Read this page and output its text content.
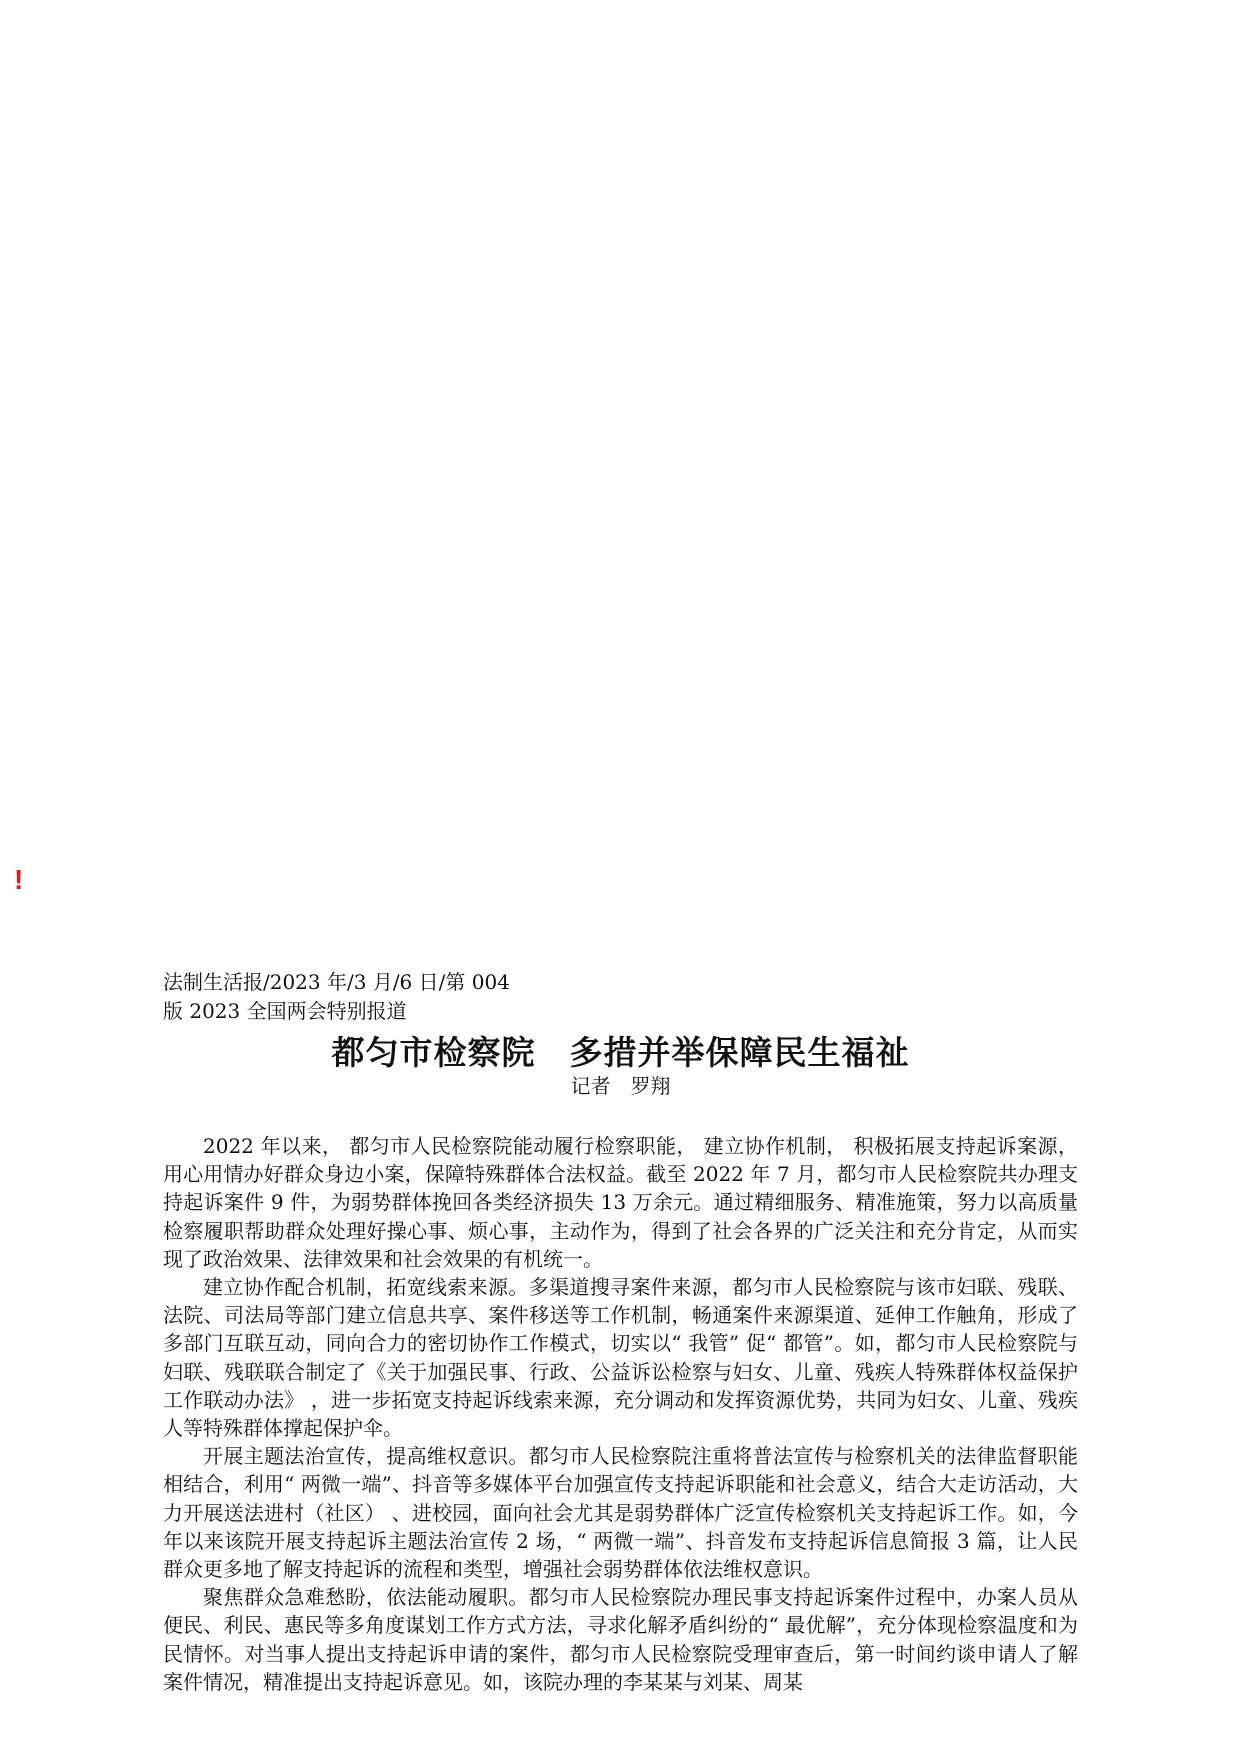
!

法制生活报/2023 年/3 月/6 日/第 004 版 2023 全国两会特别报道

都匀市检察院　多措并举保障民生福祉

记者　罗翔

2022 年以来， 都匀市人民检察院能动履行检察职能， 建立协作机制， 积极拓展支持起诉案源，用心用情办好群众身边小案，保障特殊群体合法权益。截至 2022 年 7 月，都匀市人民检察院共办理支持起诉案件 9 件，为弱势群体挽回各类经济损失 13 万余元。通过精细服务、精准施策，努力以高质量检察履职帮助群众处理好操心事、烦心事，主动作为，得到了社会各界的广泛关注和充分肯定，从而实现了政治效果、法律效果和社会效果的有机统一。

建立协作配合机制，拓宽线索来源。多渠道搜寻案件来源，都匀市人民检察院与该市妇联、残联、法院、司法局等部门建立信息共享、案件移送等工作机制，畅通案件来源渠道、延伸工作触角，形成了多部门互联互动，同向合力的密切协作工作模式，切实以“ 我管” 促“ 都管”。如，都匀市人民检察院与妇联、残联联合制定了《关于加强民事、行政、公益诉讼检察与妇女、儿童、残疾人特殊群体权益保护工作联动办法》 ，进一步拓宽支持起诉线索来源，充分调动和发挥资源优势，共同为妇女、儿童、残疾人等特殊群体撑起保护伞。

开展主题法治宣传，提高维权意识。都匀市人民检察院注重将普法宣传与检察机关的法律监督职能相结合，利用“ 两微一端”、抖音等多媒体平台加强宣传支持起诉职能和社会意义，结合大走访活动，大力开展送法进村（社区） 、进校园，面向社会尤其是弱势群体广泛宣传检察机关支持起诉工作。如，今年以来该院开展支持起诉主题法治宣传 2 场，“ 两微一端”、抖音发布支持起诉信息简报 3 篇，让人民群众更多地了解支持起诉的流程和类型，增强社会弱势群体依法维权意识。

聚焦群众急难愁盼，依法能动履职。都匀市人民检察院办理民事支持起诉案件过程中，办案人员从便民、利民、惠民等多角度谋划工作方式方法，寻求化解矛盾纠纷的“ 最优解”，充分体现检察温度和为民情怀。对当事人提出支持起诉申请的案件，都匀市人民检察院受理审查后，第一时间约谈申请人了解案件情况，精准提出支持起诉意见。如，该院办理的李某某与刘某、周某
